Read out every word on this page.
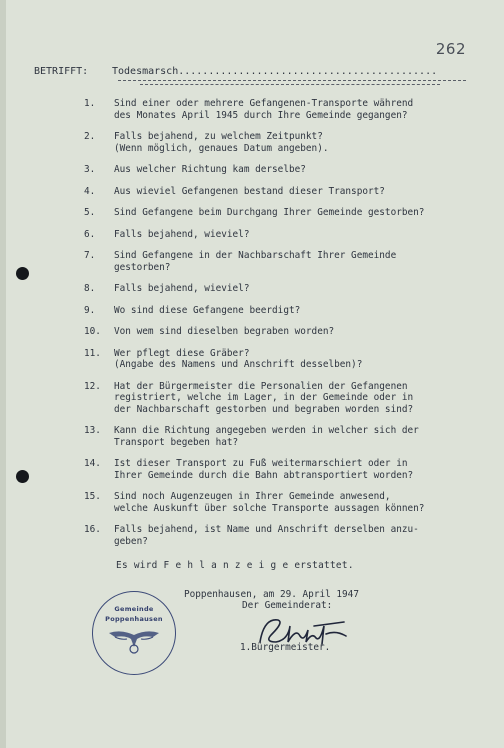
262
BETRIFFT: Todesmarsch...........................................
1.	Sind einer oder mehrere Gefangenen-Transporte während
des Monates April 1945 durch Ihre Gemeinde gegangen?
2.	Falls bejahend, zu welchem Zeitpunkt?
(Wenn möglich, genaues Datum angeben).
3.	Aus welcher Richtung kam derselbe?
4.	Aus wieviel Gefangenen bestand dieser Transport?
5.	Sind Gefangene beim Durchgang Ihrer Gemeinde gestorben?
6.	Falls bejahend, wieviel?
7.	Sind Gefangene in der Nachbarschaft Ihrer Gemeinde
gestorben?
8.	Falls bejahend, wieviel?
9.	Wo sind diese Gefangene beerdigt?
10.	Von wem sind dieselben begraben worden?
11.	Wer pflegt diese Gräber?
(Angabe des Namens und Anschrift desselben)?
12.	Hat der Bürgermeister die Personalien der Gefangenen
registriert, welche im Lager, in der Gemeinde oder in
der Nachbarschaft gestorben und begraben worden sind?
13.	Kann die Richtung angegeben werden in welcher sich der
Transport begeben hat?
14.	Ist dieser Transport zu Fuß weitermarschiert oder in
Ihrer Gemeinde durch die Bahn abtransportiert worden?
15.	Sind noch Augenzeugen in Ihrer Gemeinde anwesend,
welche Auskunft über solche Transporte aussagen können?
16.	Falls bejahend, ist Name und Anschrift derselben anzu-
geben?
Es wird F e h l a n z e i g e erstattet.
Gemeinde
Poppenhausen
Poppenhausen, am 29. April 1947
Der Gemeinderat:
1.Bürgermeister.
